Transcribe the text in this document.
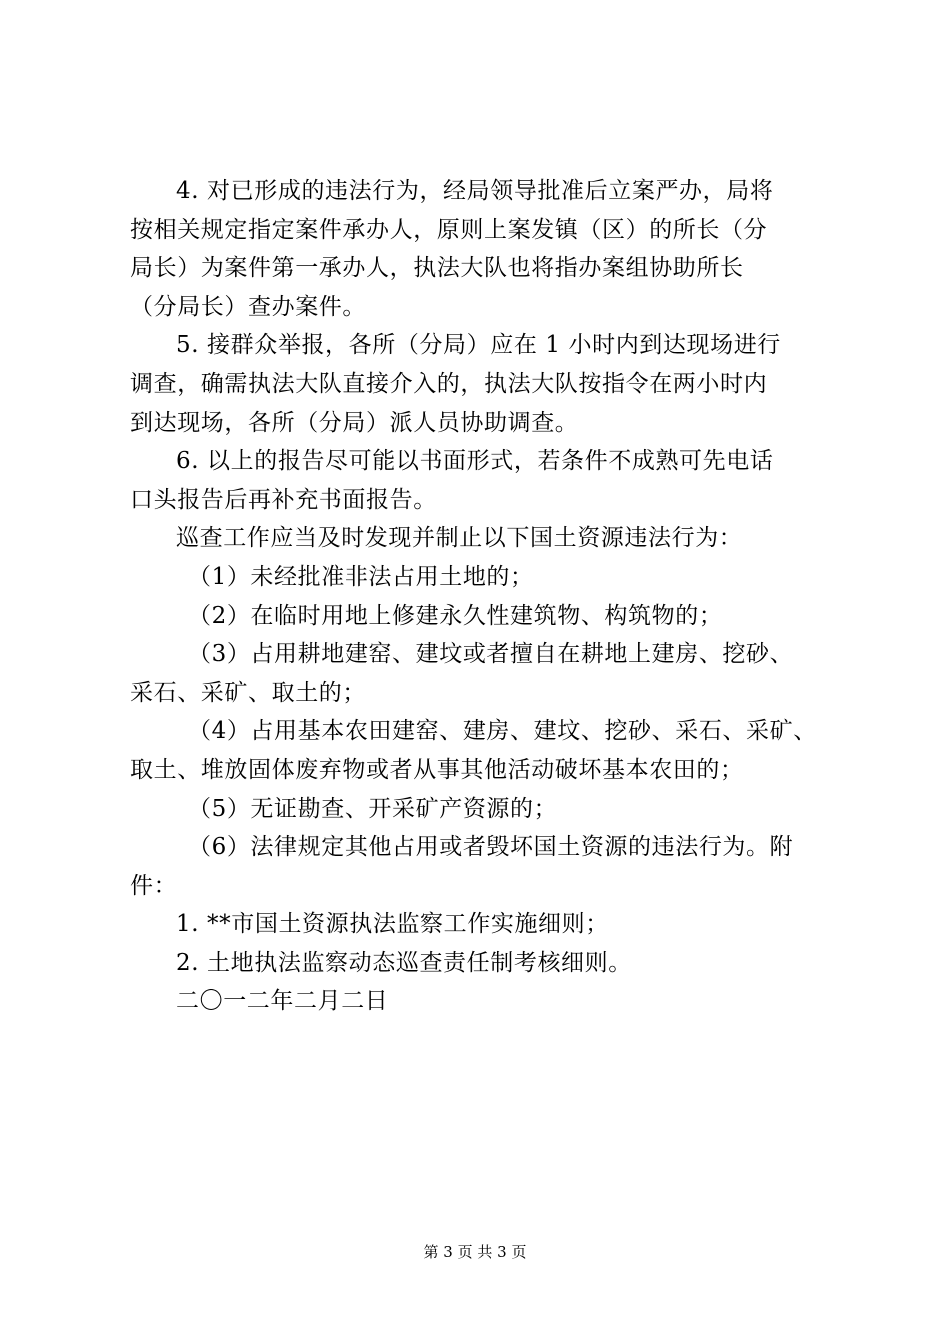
4. 对已形成的违法行为，经局领导批准后立案严办，局将
按相关规定指定案件承办人，原则上案发镇（区）的所长（分
局长）为案件第一承办人，执法大队也将指办案组协助所长
（分局长）查办案件。
5. 接群众举报，各所（分局）应在 1 小时内到达现场进行
调查，确需执法大队直接介入的，执法大队按指令在两小时内
到达现场，各所（分局）派人员协助调查。
6. 以上的报告尽可能以书面形式，若条件不成熟可先电话
口头报告后再补充书面报告。
巡查工作应当及时发现并制止以下国土资源违法行为：
（1）未经批准非法占用土地的；
（2）在临时用地上修建永久性建筑物、构筑物的；
（3）占用耕地建窑、建坟或者擅自在耕地上建房、挖砂、
采石、采矿、取土的；
（4）占用基本农田建窑、建房、建坟、挖砂、采石、采矿、
取土、堆放固体废弃物或者从事其他活动破坏基本农田的；
（5）无证勘查、开采矿产资源的；
（6）法律规定其他占用或者毁坏国土资源的违法行为。附
件：
1. **市国土资源执法监察工作实施细则；
2. 土地执法监察动态巡查责任制考核细则。
二〇一二年二月二日
第 3 页 共 3 页
